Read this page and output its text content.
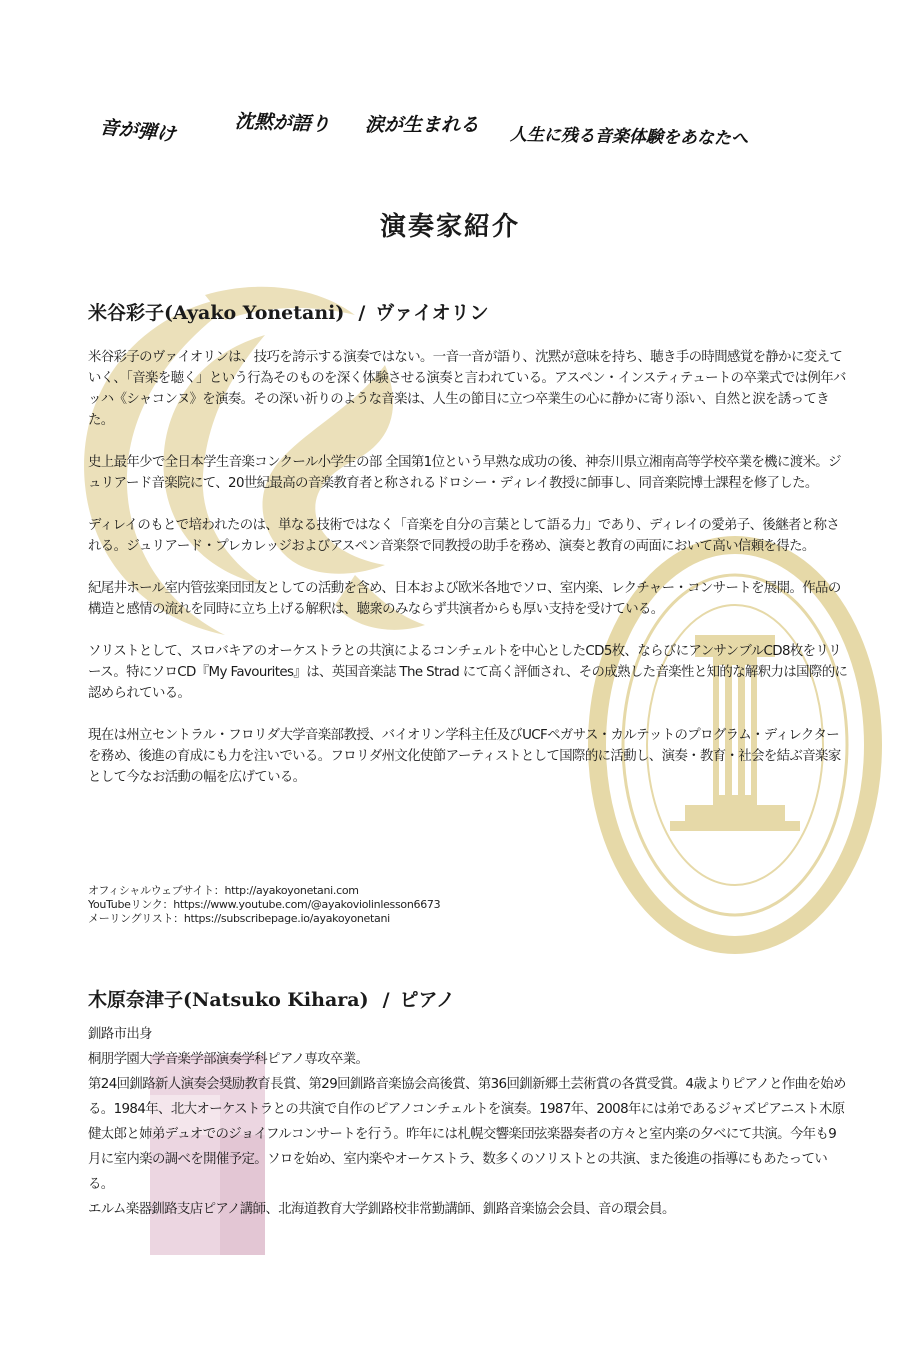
音が弾け	沈黙が語り 涙が生まれる 人生に残る音楽体験をあなたへ
演奏家紹介
米谷彩子(Ayako Yonetani) / ヴァイオリン

米谷彩子のヴァイオリンは、技巧を誇示する演奏ではない。一音一音が語り、沈黙が意味を持ち、聴き手の時間感覚を静かに変えていく、「音楽を聴く」という行為そのものを深く体験させる演奏と言われている。アスペン・インスティテュートの卒業式では例年バッハ《シャコンヌ》を演奏。その深い祈りのような音楽は、人生の節目に立つ卒業生の心に静かに寄り添い、自然と涙を誘ってきた。

史上最年少で全日本学生音楽コンクール小学生の部 全国第1位という早熟な成功の後、神奈川県立湘南高等学校卒業を機に渡米。ジュリアード音楽院にて、20世紀最高の音楽教育者と称されるドロシー・ディレイ教授に師事し、同音楽院博士課程を修了した。

ディレイのもとで培われたのは、単なる技術ではなく「音楽を自分の言葉として語る力」であり、ディレイの愛弟子、後継者と称される。ジュリアード・プレカレッジおよびアスペン音楽祭で同教授の助手を務め、演奏と教育の両面において高い信頼を得た。

紀尾井ホール室内管弦楽団団友としての活動を含め、日本および欧米各地でソロ、室内楽、レクチャー・コンサートを展開。作品の構造と感情の流れを同時に立ち上げる解釈は、聴衆のみならず共演者からも厚い支持を受けている。

ソリストとして、スロバキアのオーケストラとの共演によるコンチェルトを中心としたCD5枚、ならびにアンサンブルCD8枚をリリース。特にソロCD『My Favourites』は、英国音楽誌 The Strad にて高く評価され、その成熟した音楽性と知的な解釈力は国際的に認められている。

現在は州立セントラル・フロリダ大学音楽部教授、バイオリン学科主任及びUCFペガサス・カルテットのプログラム・ディレクターを務め、後進の育成にも力を注いでいる。フロリダ州文化使節アーティストとして国際的に活動し、演奏・教育・社会を結ぶ音楽家として今なお活動の幅を広げている。

オフィシャルウェブサイト：http://ayakoyonetani.com
YouTubeリンク：https://www.youtube.com/@ayakoviolinlesson6673
メーリングリスト：https://subscribepage.io/ayakoyonetani
木原奈津子(Natsuko Kihara) / ピアノ
釧路市出身
桐朋学園大学音楽学部演奏学科ピアノ専攻卒業。
第24回釧路新人演奏会奨励教育長賞、第29回釧路音楽協会高後賞、第36回釧新郷土芸術賞の各賞受賞。4歳よりピアノと作曲を始める。1984年、北大オーケストラとの共演で自作のピアノコンチェルトを演奏。1987年、2008年には弟であるジャズピアニスト木原健太郎と姉弟デュオでのジョイフルコンサートを行う。昨年には札幌交響楽団弦楽器奏者の方々と室内楽の夕べにて共演。今年も9月に室内楽の調べを開催予定。ソロを始め、室内楽やオーケストラ、数多くのソリストとの共演、また後進の指導にもあたっている。
エルム楽器釧路支店ピアノ講師、北海道教育大学釧路校非常勤講師、釧路音楽協会会員、音の環会員。
